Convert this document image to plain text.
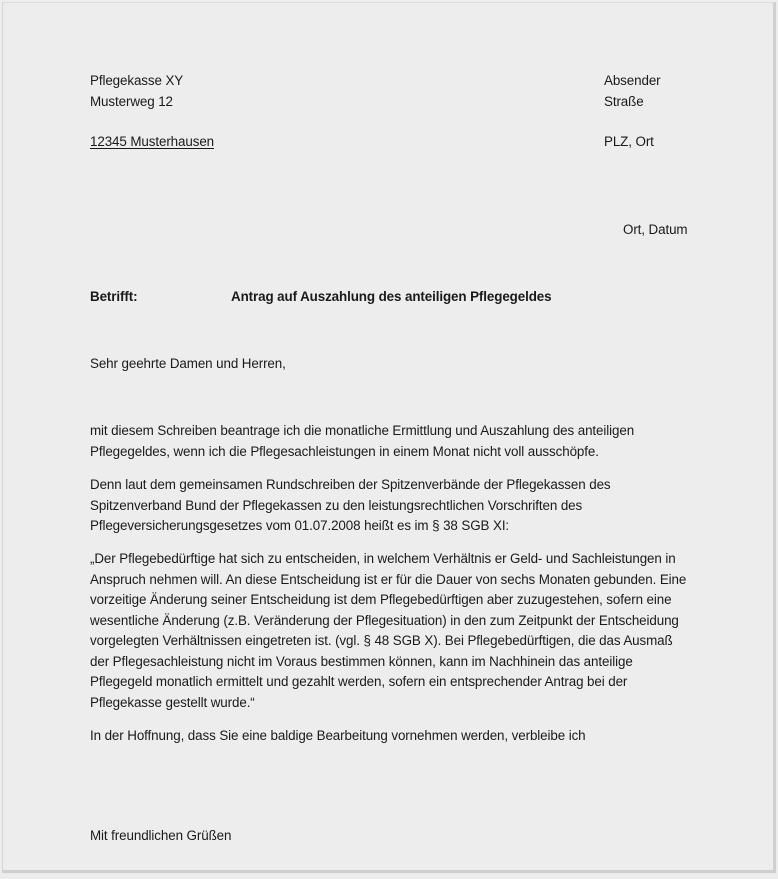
Pflegekasse XY
Musterweg 12
12345 Musterhausen
Absender
Straße
PLZ, Ort
Ort, Datum
Betrifft:	Antrag auf Auszahlung des anteiligen Pflegegeldes
Sehr geehrte Damen und Herren,
mit diesem Schreiben beantrage ich die monatliche Ermittlung und Auszahlung des anteiligen
Pflegegeldes, wenn ich die Pflegesachleistungen in einem Monat nicht voll ausschöpfe.
Denn laut dem gemeinsamen Rundschreiben der Spitzenverbände der Pflegekassen des
Spitzenverband Bund der Pflegekassen zu den leistungsrechtlichen Vorschriften des
Pflegeversicherungsgesetzes vom 01.07.2008 heißt es im § 38 SGB XI:
„Der Pflegebedürftige hat sich zu entscheiden, in welchem Verhältnis er Geld- und Sachleistungen in
Anspruch nehmen will. An diese Entscheidung ist er für die Dauer von sechs Monaten gebunden. Eine
vorzeitige Änderung seiner Entscheidung ist dem Pflegebedürftigen aber zuzugestehen, sofern eine
wesentliche Änderung (z.B. Veränderung der Pflegesituation) in den zum Zeitpunkt der Entscheidung
vorgelegten Verhältnissen eingetreten ist. (vgl. § 48 SGB X). Bei Pflegebedürftigen, die das Ausmaß
der Pflegesachleistung nicht im Voraus bestimmen können, kann im Nachhinein das anteilige
Pflegegeld monatlich ermittelt und gezahlt werden, sofern ein entsprechender Antrag bei der
Pflegekasse gestellt wurde.“
In der Hoffnung, dass Sie eine baldige Bearbeitung vornehmen werden, verbleibe ich
····	Mit freundlichen Grüßen
